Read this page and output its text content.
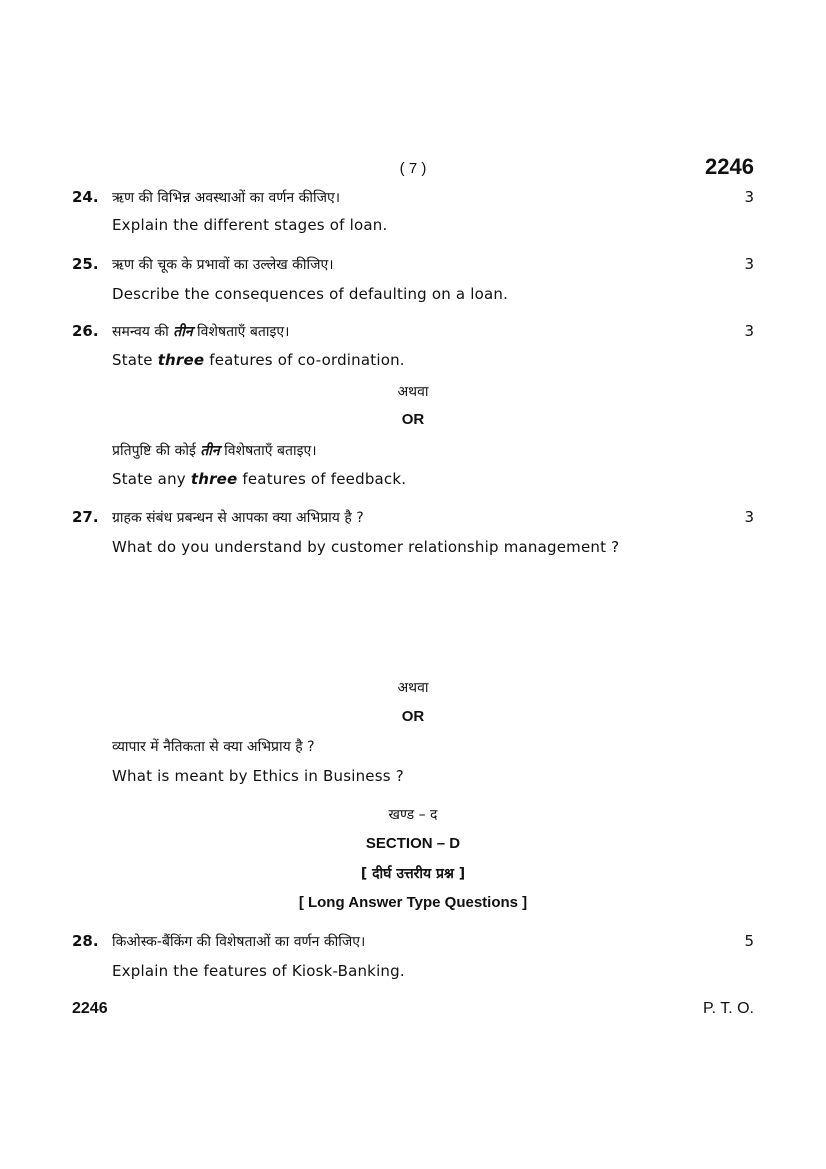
( 7 )	2246
24. ऋण की विभिन्न अवस्थाओं का वर्णन कीजिए।	3
Explain the different stages of loan.
25. ऋण की चूक के प्रभावों का उल्लेख कीजिए।	3
Describe the consequences of defaulting on a loan.
26. समन्वय की तीन विशेषताएँ बताइए।	3
State three features of co-ordination.
अथवा
OR
प्रतिपुष्टि की कोई तीन विशेषताएँ बताइए।
State any three features of feedback.
27. ग्राहक संबंध प्रबन्धन से आपका क्या अभिप्राय है ?	3
What do you understand by customer relationship management ?
अथवा
OR
व्यापार में नैतिकता से क्या अभिप्राय है ?
What is meant by Ethics in Business ?
खण्ड – द
SECTION – D
[ दीर्घ उत्तरीय प्रश्न ]
[ Long Answer Type Questions ]
28. किओस्क-बैंकिंग की विशेषताओं का वर्णन कीजिए।	5
Explain the features of Kiosk-Banking.
2246	P. T. O.
